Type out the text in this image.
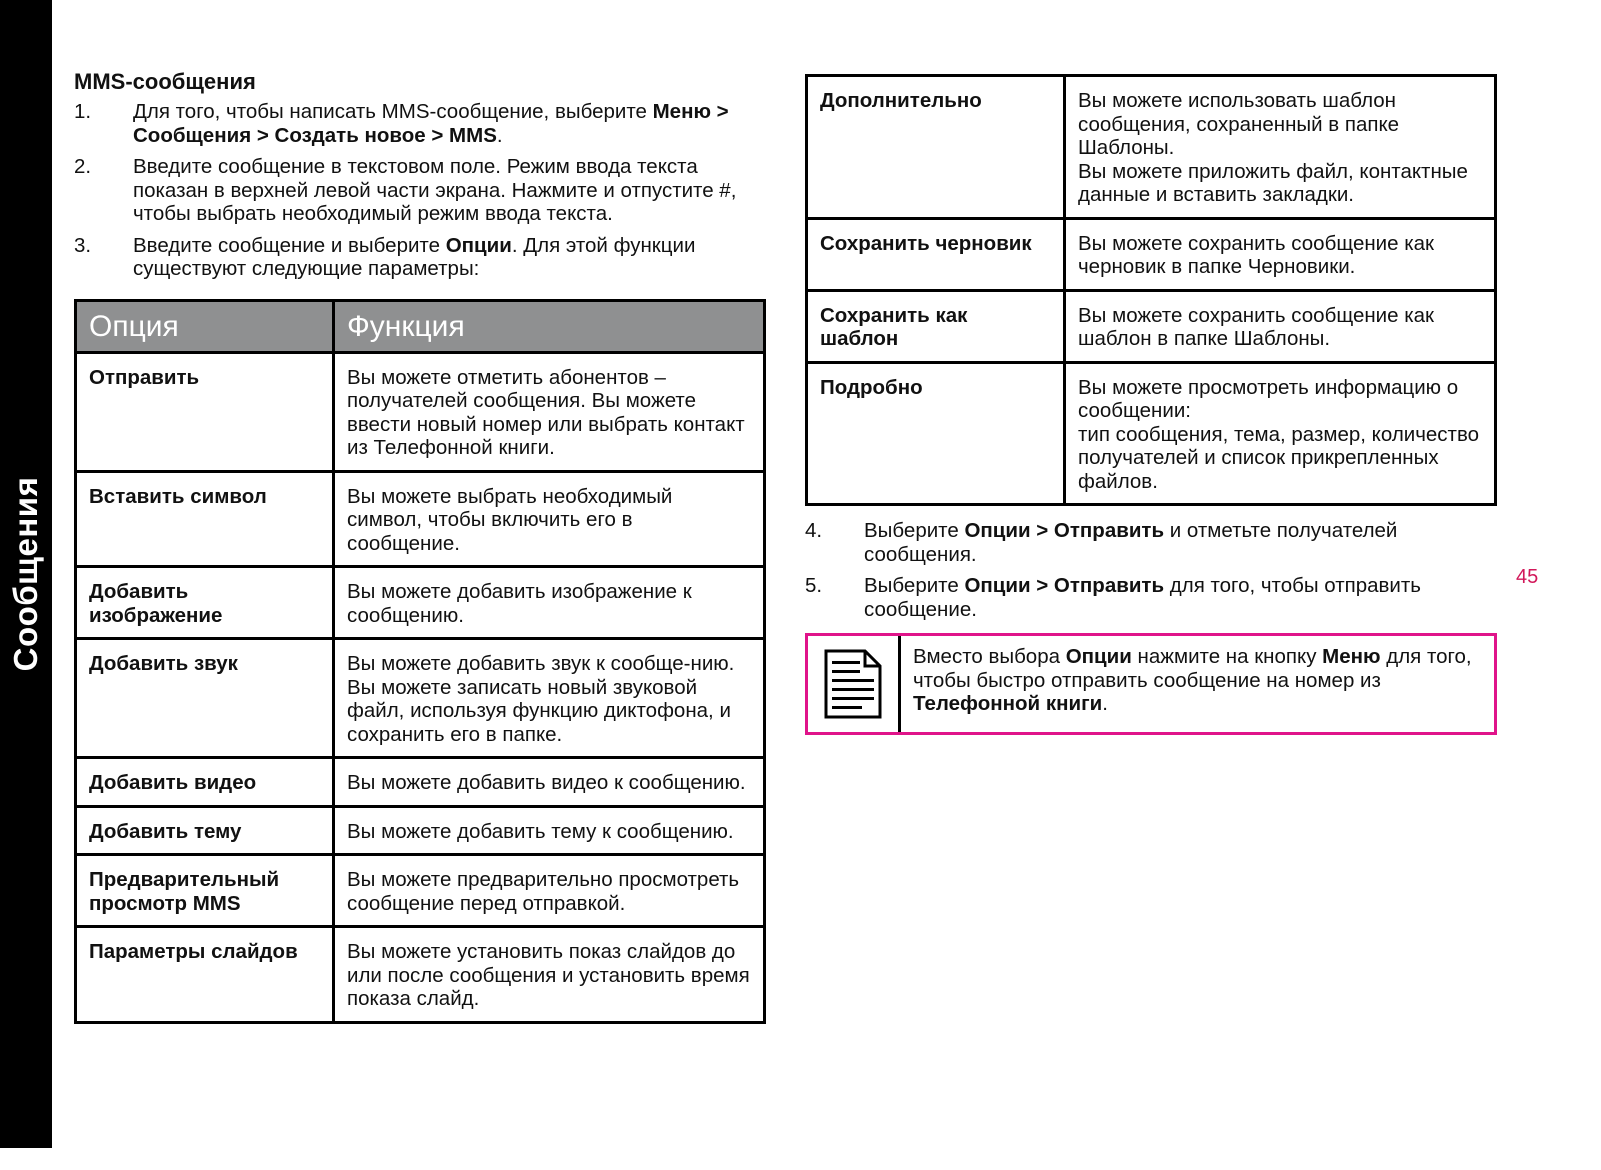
Сообщения	45
MMS-сообщения
1.	Для того, чтобы написать MMS-сообщение, выберите Меню > Сообщения > Создать новое > MMS.
2.	Введите сообщение в текстовом поле. Режим ввода текста показан в верхней левой части экрана. Нажмите и отпустите #, чтобы выбрать необходимый режим ввода текста.
3.	Введите сообщение и выберите Опции. Для этой функции существуют следующие параметры:
Опция	Функция
Отправить	Вы можете отметить абонентов – получателей сообщения. Вы можете ввести новый номер или выбрать контакт из Телефонной книги.
Вставить символ	Вы можете выбрать необходимый символ, чтобы включить его в сообщение.
Добавить изображение	Вы можете добавить изображение к сообщению.
Добавить звук	Вы можете добавить звук к сообще-нию. Вы можете записать новый звуковой файл, используя функцию диктофона, и сохранить его в папке.
Добавить видео	Вы можете добавить видео к сообщению.
Добавить тему	Вы можете добавить тему к сообщению.
Предварительный просмотр MMS	Вы можете предварительно просмотреть сообщение перед отправкой.
Параметры слайдов	Вы можете установить показ слайдов до или после сообщения и установить время показа слайд.
Дополнительно	Вы можете использовать шаблон сообщения, сохраненный в папке Шаблоны.
Вы можете приложить файл, контактные данные и вставить закладки.
Сохранить черновик	Вы можете сохранить сообщение как черновик в папке Черновики.
Сохранить как шаблон	Вы можете сохранить сообщение как шаблон в папке Шаблоны.
Подробно	Вы можете просмотреть информацию о сообщении:
тип сообщения, тема, размер, количество получателей и список прикрепленных файлов.
4.	Выберите Опции > Отправить и отметьте получателей сообщения.
5.	Выберите Опции > Отправить для того, чтобы отправить сообщение.
Вместо выбора Опции нажмите на кнопку Меню для того, чтобы быстро отправить сообщение на номер из Телефонной книги.
